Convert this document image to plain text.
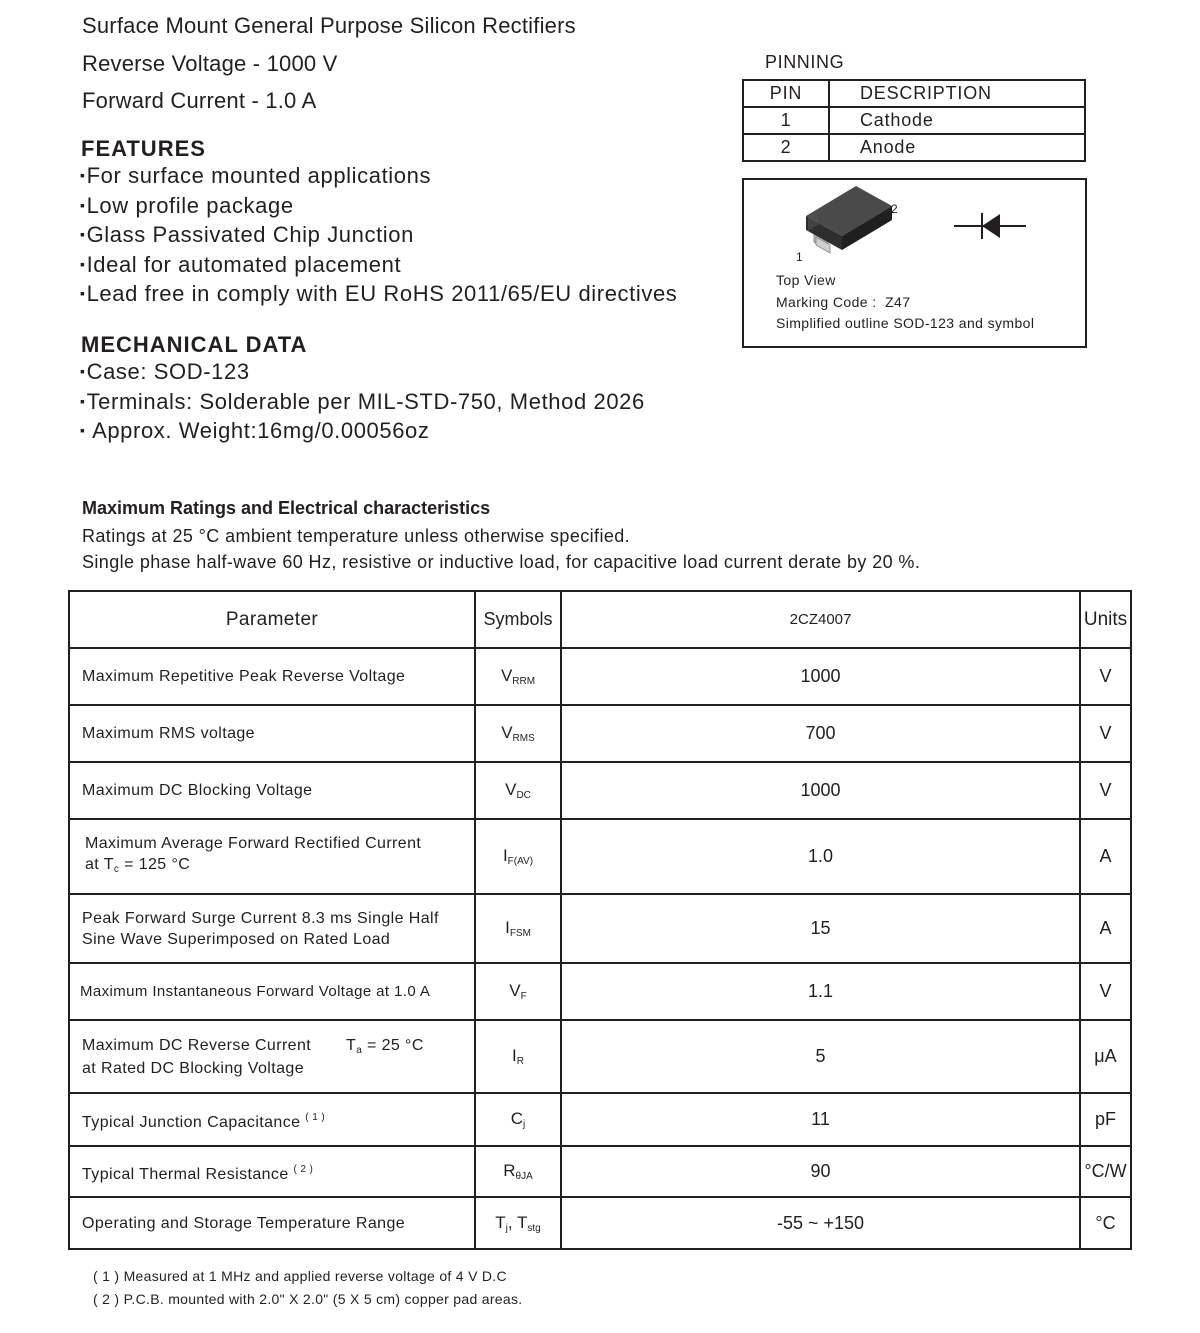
Surface Mount General Purpose Silicon Rectifiers
Reverse Voltage - 1000 V
Forward Current - 1.0 A
FEATURES
▪ For surface mounted applications
▪ Low profile package
▪ Glass Passivated Chip Junction
▪ Ideal for automated placement
▪ Lead free in comply with EU RoHS 2011/65/EU directives
MECHANICAL DATA
▪ Case: SOD-123
▪ Terminals: Solderable per MIL-STD-750, Method 2026
▪  Approx. Weight:16mg/0.00056oz
PINNING
PIN	DESCRIPTION
1	Cathode
2	Anode
1
2
Top View
Marking Code :  Z47
Simplified outline SOD-123 and symbol
Maximum Ratings and Electrical characteristics
Ratings at 25 °C ambient temperature unless otherwise specified.
Single phase half-wave 60 Hz, resistive or inductive load, for capacitive load current derate by 20 %.
Parameter	Symbols	2CZ4007	Units
Maximum Repetitive Peak Reverse Voltage	$V_{RRM}$	1000	V
Maximum RMS voltage	$V_{RMS}$	700	V
Maximum DC Blocking Voltage	$V_{DC}$	1000	V

Maximum Average Forward Rectified Current
at $T_c = 125$ °C	$I_{F(AV)}$	1.0	A

Peak Forward Surge Current 8.3 ms Single Half
Sine Wave Superimposed on Rated Load	$I_{FSM}$	15	A
Maximum Instantaneous Forward Voltage at 1.0 A	$V_F$	1.1	V

Maximum DC Reverse Current $T_a = 25$ °C
at Rated DC Blocking Voltage	$I_R$	5	μA
Typical Junction Capacitance $^{( 1 )}$	$C_j$	11	pF
Typical Thermal Resistance $^{( 2 )}$	$R_{\theta JA}$	90	°C/W
Operating and Storage Temperature Range	$T_j$, $T_{stg}$	-55 ~ +150	°C
( 1 ) Measured at 1 MHz and applied reverse voltage of 4 V D.C
( 2 ) P.C.B. mounted with 2.0" X 2.0" (5 X 5 cm) copper pad areas.
